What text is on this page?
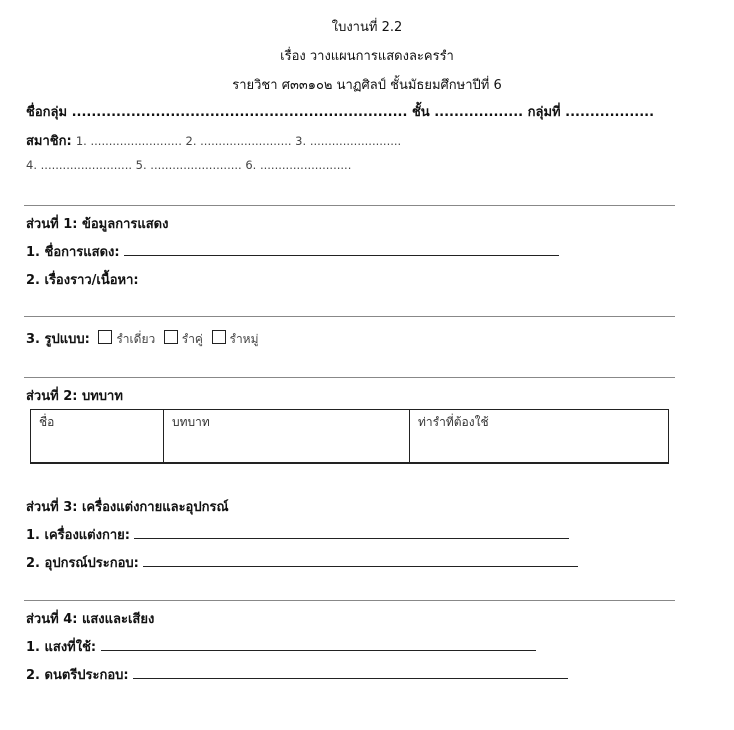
ใบงานที่ 2.2
เรื่อง วางแผนการแสดงละครรำ
รายวิชา ศ๓๓๑๐๒ นาฏศิลป์ ชั้นมัธยมศึกษาปีที่ 6
ชื่อกลุ่ม .................................................................... ชั้น .................. กลุ่มที่ ..................
สมาชิก: 1. ......................... 2. ......................... 3. .........................
4. ......................... 5. ......................... 6. .........................
ส่วนที่ 1: ข้อมูลการแสดง
1. ชื่อการแสดง:
2. เรื่องราว/เนื้อหา:
3. รูปแบบ: รำเดี่ยว รำคู่ รำหมู่
ส่วนที่ 2: บทบาท
ชื่อ	บทบาท	ท่ารำที่ต้องใช้
ส่วนที่ 3: เครื่องแต่งกายและอุปกรณ์
1. เครื่องแต่งกาย:
2. อุปกรณ์ประกอบ:
ส่วนที่ 4: แสงและเสียง
1. แสงที่ใช้:
2. ดนตรีประกอบ:
